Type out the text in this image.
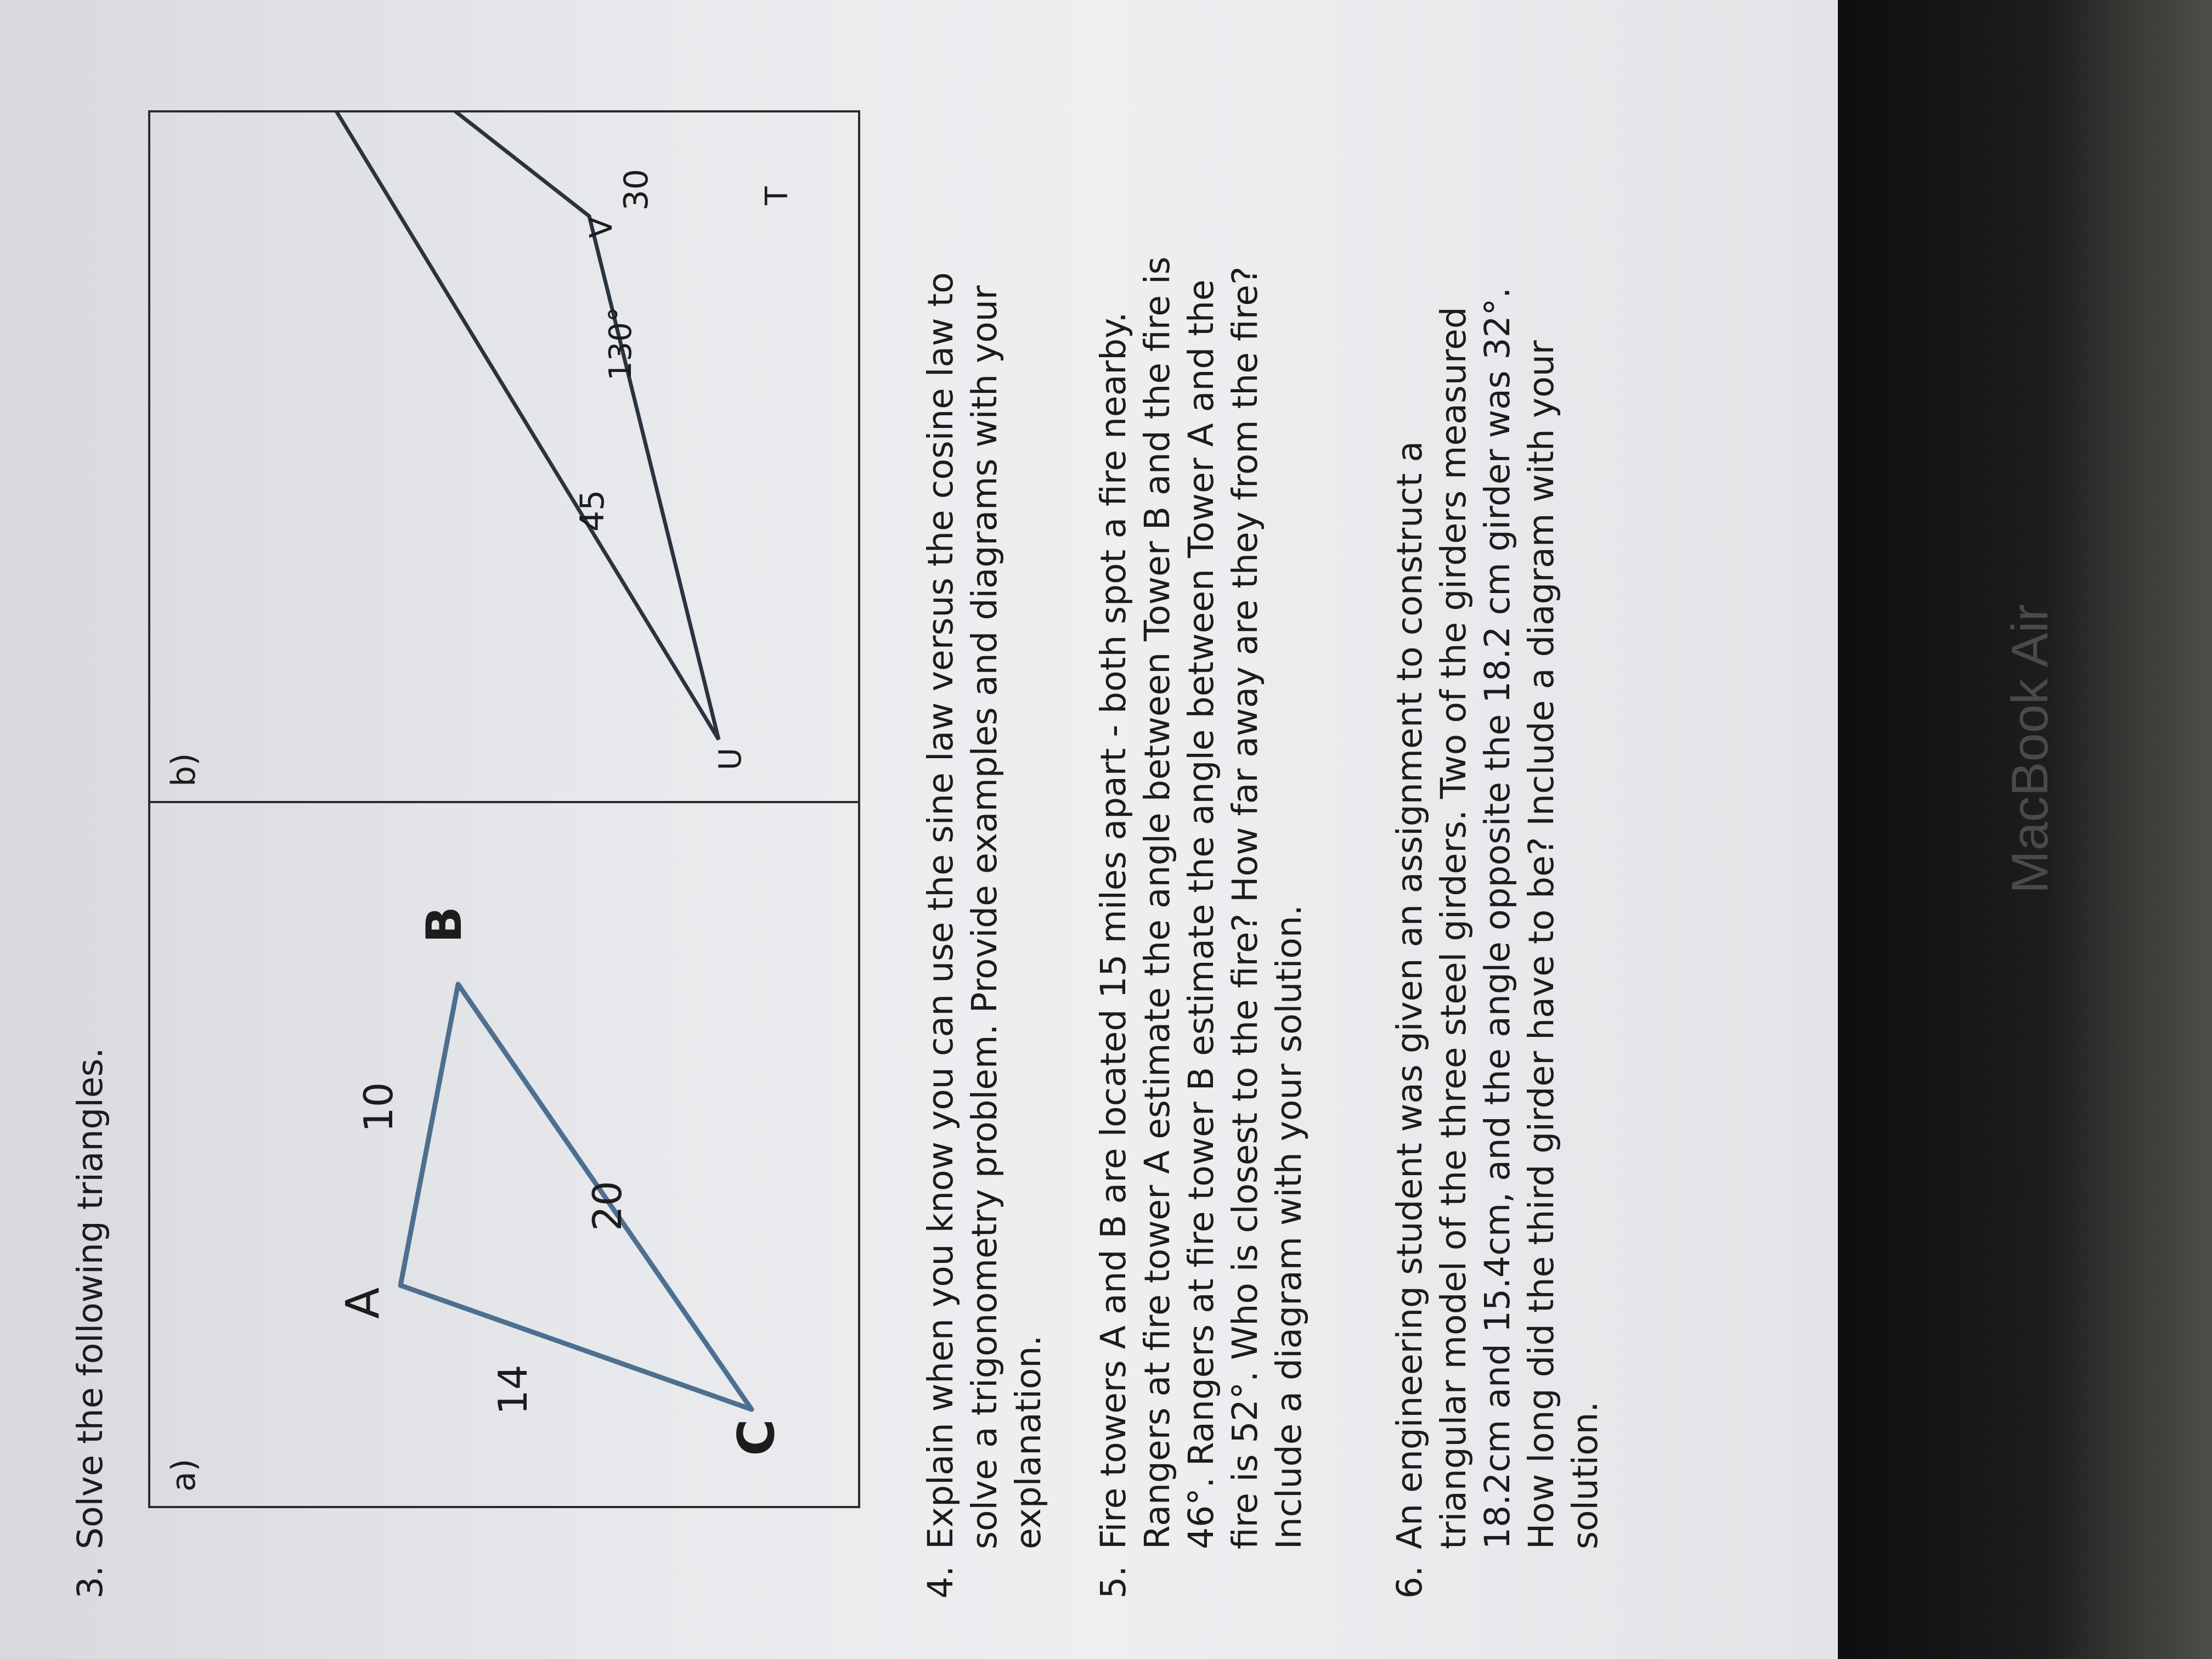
3.
Solve the following triangles. a)
b)
A
B
C
10
14
20
T
U
V
45
30
130°
4.
Explain when you know you can use the sine law versus the cosine law to solve a trigonometry problem. Provide examples and diagrams with your explanation.
5.
Fire towers A and B are located 15 miles apart - both spot a fire nearby. Rangers at fire tower A estimate the angle between Tower B and the fire is 46°. Rangers at fire tower B estimate the angle between Tower A and the fire is 52°. Who is closest to the fire? How far away are they from the fire? Include a diagram with your solution.
6.
An engineering student was given an assignment to construct a triangular model of the three steel girders. Two of the girders measured 18.2cm and 15.4cm, and the angle opposite the 18.2 cm girder was 32°. How long did the third girder have to be? Include a diagram with your solution.
MacBook Air
